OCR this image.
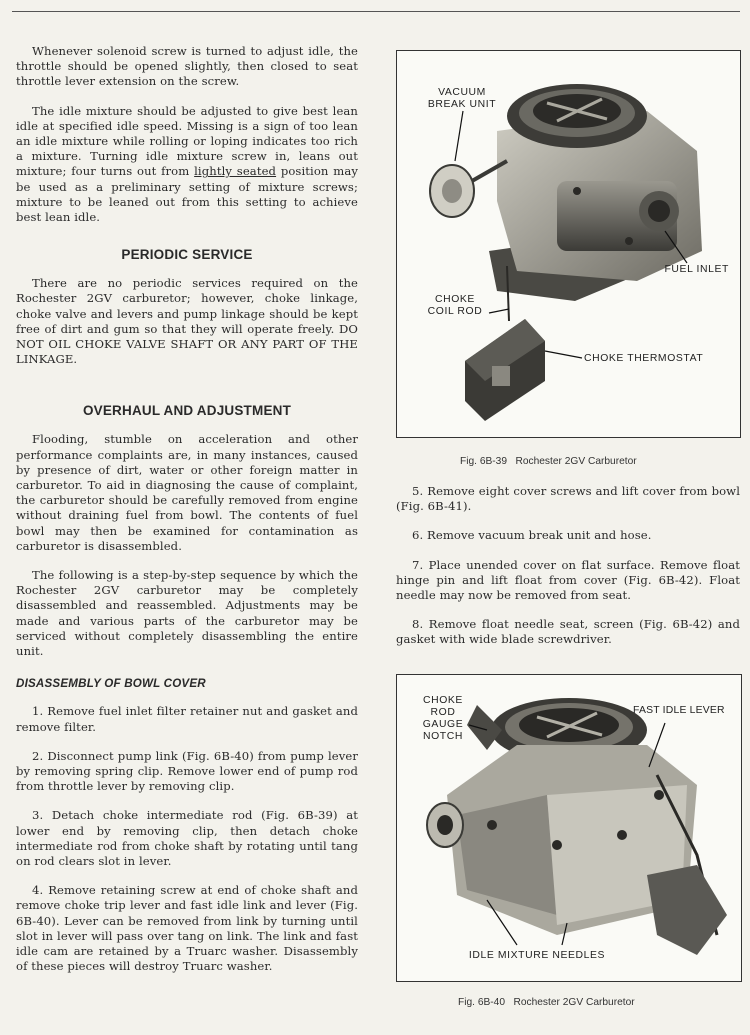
Whenever solenoid screw is turned to adjust idle, the throttle should be opened slightly, then closed to seat throttle lever extension on the screw.

The idle mixture should be adjusted to give best lean idle at specified idle speed. Missing is a sign of too lean an idle mixture while rolling or loping indicates too rich a mixture. Turning idle mixture screw in, leans out mixture; four turns out from lightly seated position may be used as a preliminary setting of mixture screws; mixture to be leaned out from this setting to achieve best lean idle.

PERIODIC SERVICE

There are no periodic services required on the Rochester 2GV carburetor; however, choke linkage, choke valve and levers and pump linkage should be kept free of dirt and gum so that they will operate freely. DO NOT OIL CHOKE VALVE SHAFT OR ANY PART OF THE LINKAGE.

OVERHAUL AND ADJUSTMENT

Flooding, stumble on acceleration and other performance complaints are, in many instances, caused by presence of dirt, water or other foreign matter in carburetor. To aid in diagnosing the cause of complaint, the carburetor should be carefully removed from engine without draining fuel from bowl. The contents of fuel bowl may then be examined for contamination as carburetor is disassembled.

The following is a step-by-step sequence by which the Rochester 2GV carburetor may be completely disassembled and reassembled. Adjustments may be made and various parts of the carburetor may be serviced without completely disassembling the entire unit.

DISASSEMBLY OF BOWL COVER

1. Remove fuel inlet filter retainer nut and gasket and remove filter.

2. Disconnect pump link (Fig. 6B-40) from pump lever by removing spring clip. Remove lower end of pump rod from throttle lever by removing clip.

3. Detach choke intermediate rod (Fig. 6B-39) at lower end by removing clip, then detach choke intermediate rod from choke shaft by rotating until tang on rod clears slot in lever.

4. Remove retaining screw at end of choke shaft and remove choke trip lever and fast idle link and lever (Fig. 6B-40). Lever can be removed from link by turning until slot in lever will pass over tang on link. The link and fast idle cam are retained by a Truarc washer. Disassembly of these pieces will destroy Truarc washer.

VACUUM
BREAK UNIT
FUEL INLET
CHOKE
COIL ROD
CHOKE THERMOSTAT
Fig. 6B-39   Rochester 2GV Carburetor

5. Remove eight cover screws and lift cover from bowl (Fig. 6B-41).

6. Remove vacuum break unit and hose.

7. Place unended cover on flat surface. Remove float hinge pin and lift float from cover (Fig. 6B-42). Float needle may now be removed from seat.

8. Remove float needle seat, screen (Fig. 6B-42) and gasket with wide blade screwdriver.

CHOKE
ROD
GAUGE
NOTCH
FAST IDLE LEVER
IDLE MIXTURE NEEDLES
Fig. 6B-40   Rochester 2GV Carburetor
